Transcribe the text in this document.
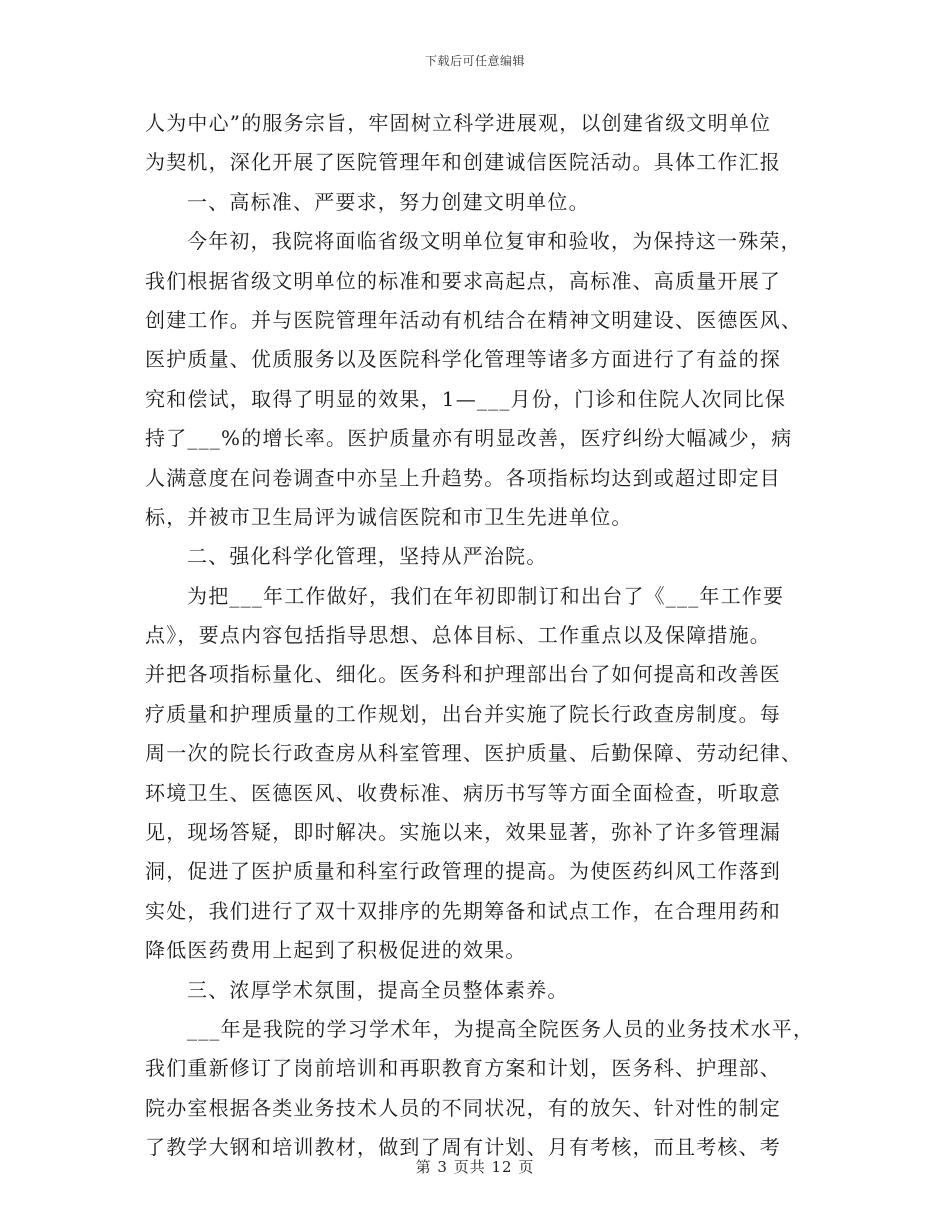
下载后可任意编辑
人为中心”的服务宗旨，牢固树立科学进展观，以创建省级文明单位
为契机，深化开展了医院管理年和创建诚信医院活动。具体工作汇报
一、高标准、严要求，努力创建文明单位。
今年初，我院将面临省级文明单位复审和验收，为保持这一殊荣，
我们根据省级文明单位的标准和要求高起点，高标准、高质量开展了
创建工作。并与医院管理年活动有机结合在精神文明建设、医德医风、
医护质量、优质服务以及医院科学化管理等诸多方面进行了有益的探
究和偿试，取得了明显的效果，1—___月份，门诊和住院人次同比保
持了___%的增长率。医护质量亦有明显改善，医疗纠纷大幅减少，病
人满意度在问卷调查中亦呈上升趋势。各项指标均达到或超过即定目
标，并被市卫生局评为诚信医院和市卫生先进单位。
二、强化科学化管理，坚持从严治院。
为把___年工作做好，我们在年初即制订和出台了《___年工作要
点》，要点内容包括指导思想、总体目标、工作重点以及保障措施。
并把各项指标量化、细化。医务科和护理部出台了如何提高和改善医
疗质量和护理质量的工作规划，出台并实施了院长行政查房制度。每
周一次的院长行政查房从科室管理、医护质量、后勤保障、劳动纪律、
环境卫生、医德医风、收费标准、病历书写等方面全面检查，听取意
见，现场答疑，即时解决。实施以来，效果显著，弥补了许多管理漏
洞，促进了医护质量和科室行政管理的提高。为使医药纠风工作落到
实处，我们进行了双十双排序的先期筹备和试点工作，在合理用药和
降低医药费用上起到了积极促进的效果。
三、浓厚学术氛围，提高全员整体素养。
___年是我院的学习学术年，为提高全院医务人员的业务技术水平，
我们重新修订了岗前培训和再职教育方案和计划，医务科、护理部、
院办室根据各类业务技术人员的不同状况，有的放矢、针对性的制定
了教学大钢和培训教材，做到了周有计划、月有考核，而且考核、考
第 3 页共 12 页
